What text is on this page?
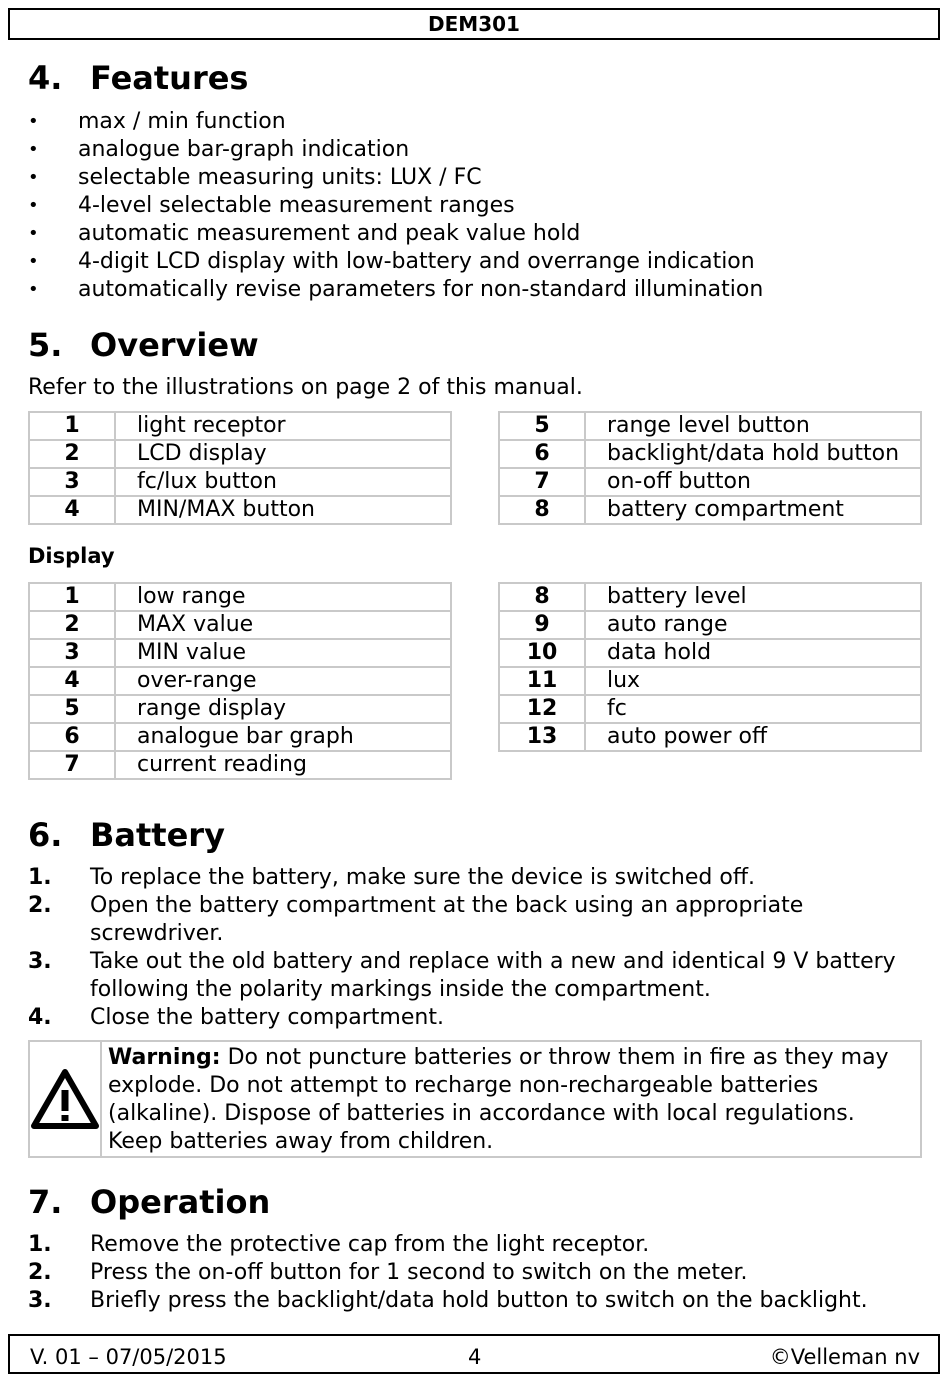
DEM301
4. Features
• max / min function
• analogue bar-graph indication
• selectable measuring units: LUX / FC
• 4-level selectable measurement ranges
• automatic measurement and peak value hold
• 4-digit LCD display with low-battery and overrange indication
• automatically revise parameters for non-standard illumination
5. Overview
Refer to the illustrations on page 2 of this manual.
1	light receptor
2	LCD display
3	fc/lux button
4	MIN/MAX button
5	range level button
6	backlight/data hold button
7	on-off button
8	battery compartment
Display
1	low range
2	MAX value
3	MIN value
4	over-range
5	range display
6	analogue bar graph
7	current reading
8	battery level
9	auto range
10	data hold
11	lux
12	fc
13	auto power off
6. Battery
1. To replace the battery, make sure the device is switched off.
2. Open the battery compartment at the back using an appropriate screwdriver.
3. Take out the old battery and replace with a new and identical 9 V battery following the polarity markings inside the compartment.
4. Close the battery compartment.
Warning: Do not puncture batteries or throw them in fire as they may explode. Do not attempt to recharge non-rechargeable batteries (alkaline). Dispose of batteries in accordance with local regulations. Keep batteries away from children.
7. Operation
1. Remove the protective cap from the light receptor.
2. Press the on-off button for 1 second to switch on the meter.
3. Briefly press the backlight/data hold button to switch on the backlight.
V. 01 – 07/05/2015	4	©Velleman nv
